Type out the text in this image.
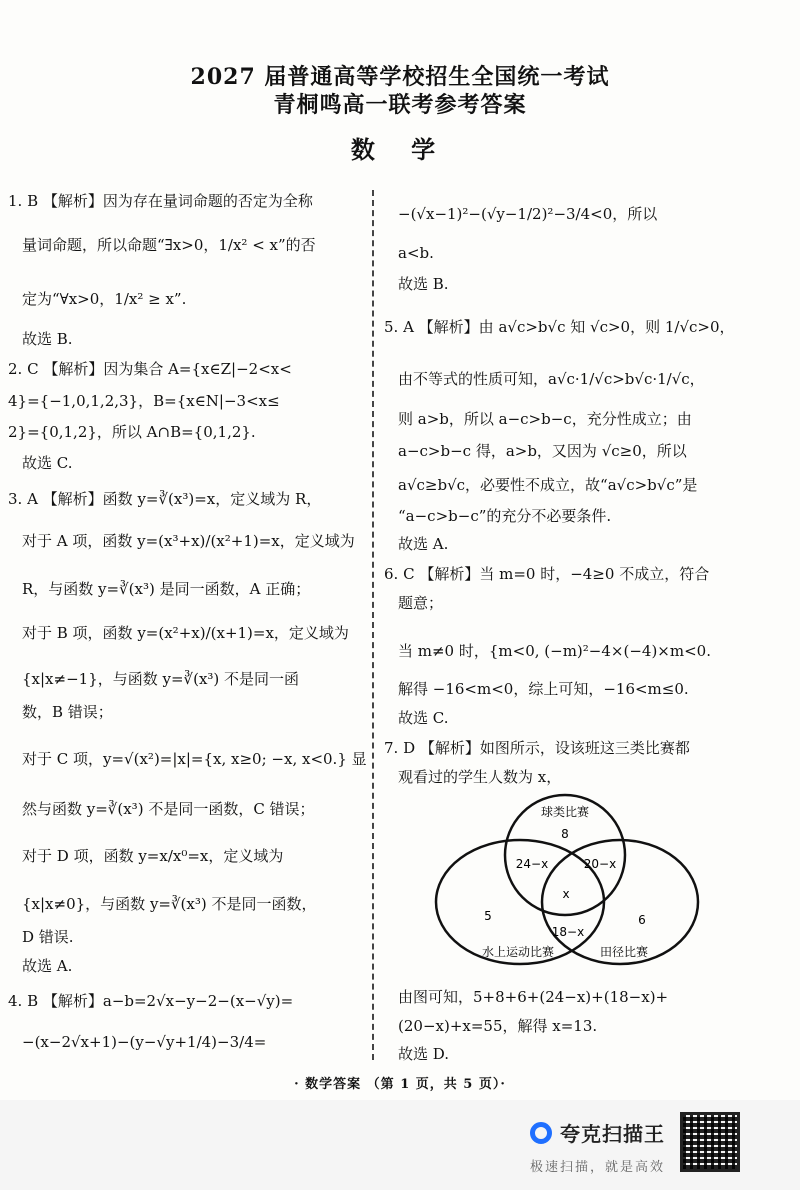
2027 届普通高等学校招生全国统一考试
青桐鸣高一联考参考答案
数 学
1. B 【解析】因为存在量词命题的否定为全称
量词命题，所以命题“∃x>0，1/x² < x”的否
定为“∀x>0，1/x² ≥ x”.
故选 B.
2. C 【解析】因为集合 A={x∈Z|−2<x<
4}={−1,0,1,2,3}，B={x∈N|−3<x≤
2}={0,1,2}，所以 A∩B={0,1,2}.
故选 C.
3. A 【解析】函数 y=∛(x³)=x，定义域为 R，
对于 A 项，函数 y=(x³+x)/(x²+1)=x，定义域为
R，与函数 y=∛(x³) 是同一函数，A 正确；
对于 B 项，函数 y=(x²+x)/(x+1)=x，定义域为
{x|x≠−1}，与函数 y=∛(x³) 不是同一函
数，B 错误；
对于 C 项，y=√(x²)=|x|={x, x≥0; −x, x<0.} 显
然与函数 y=∛(x³) 不是同一函数，C 错误；
对于 D 项，函数 y=x/x⁰=x，定义域为
{x|x≠0}，与函数 y=∛(x³) 不是同一函数，
D 错误.
故选 A.
4. B 【解析】a−b=2√x−y−2−(x−√y)=
−(x−2√x+1)−(y−√y+1/4)−3/4=
−(√x−1)²−(√y−1/2)²−3/4<0，所以
a<b.
故选 B.
5. A 【解析】由 a√c>b√c 知 √c>0，则 1/√c>0，
由不等式的性质可知，a√c·1/√c>b√c·1/√c，
则 a>b，所以 a−c>b−c，充分性成立；由
a−c>b−c 得，a>b，又因为 √c≥0，所以
a√c≥b√c，必要性不成立，故“a√c>b√c”是
“a−c>b−c”的充分不必要条件.
故选 A.
6. C 【解析】当 m=0 时，−4≥0 不成立，符合
题意；
当 m≠0 时，{m<0, (−m)²−4×(−4)×m<0.
解得 −16<m<0，综上可知，−16<m≤0.
故选 C.
7. D 【解析】如图所示，设该班这三类比赛都
观看过的学生人数为 x，
由图可知，5+8+6+(24−x)+(18−x)+
(20−x)+x=55，解得 x=13.
故选 D.
球类比赛
8
24−x	20−x
x
5	6
18−x
水上运动比赛	田径比赛
· 数学答案 （第 1 页，共 5 页）·
夸克扫描王
极速扫描，就是高效
